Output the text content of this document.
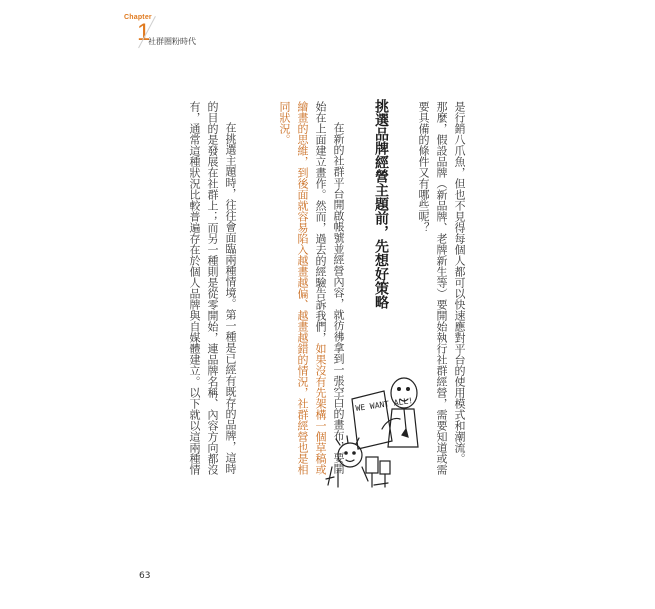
Chapter
1
社群圈粉時代
是行銷八爪魚，但也不見得每個人都可以快速應對平台的使用模式和潮流。
那麼，假設品牌（新品牌、老牌新生等）要開始執行社群經營，需要知道或需
要具備的條件又有哪些呢？
挑選品牌經營主題前，先想好策略
在新的社群平台開啟帳號並經營內容，就彷彿拿到一張空白的畫布，要開
始在上面建立畫作。然而，過去的經驗告訴我們，如果沒有先架構一個草稿或
繪畫的思維，到後面就容易陷入越畫越偏、越畫越錯的情況，社群經營也是相
同狀況。
在挑選主題時，往往會面臨兩種情境。第一種是已經有既存的品牌，這時
的目的是發展在社群上；而另一種則是從零開始，連品牌名稱、內容方向都沒
有，通常這種狀況比較普遍存在於個人品牌與自媒體建立。以下就以這兩種情	WE WANT ALL!
63
